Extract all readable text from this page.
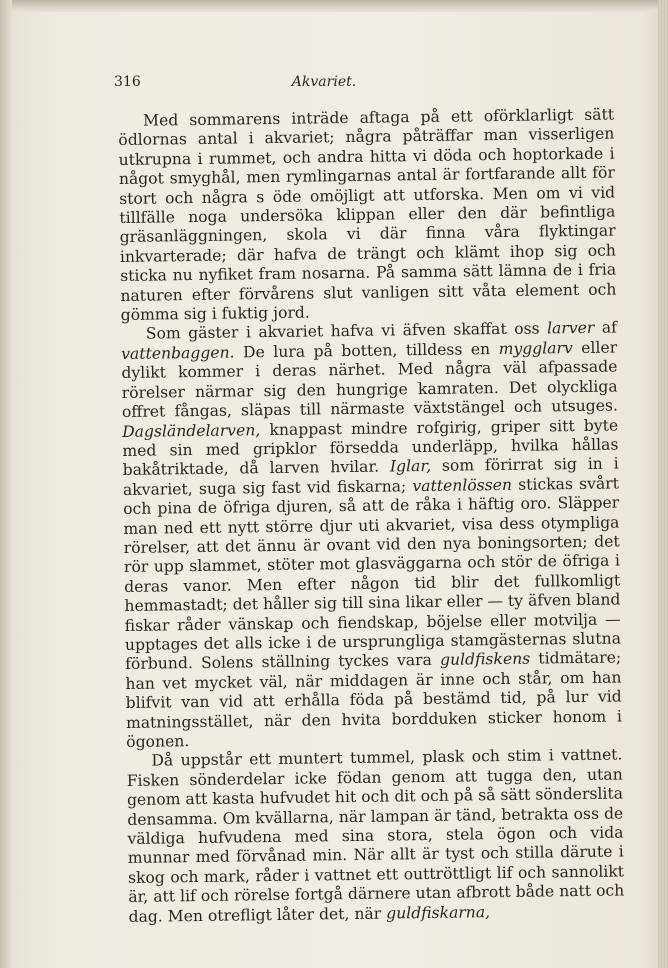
316	Akvariet.

Med sommarens inträde aftaga på ett oförklarligt sätt ödlornas antal i akvariet; några påträffar man visserligen utkrupna i rummet, och andra hitta vi döda och hoptorkade i något smyghål, men rymlingarnas antal är fortfarande allt för stort och några s öde omöjligt att utforska. Men om vi vid tillfälle noga undersöka klippan eller den där befintliga gräsanläggningen, skola vi där finna våra flyktingar inkvarterade; där hafva de trängt och klämt ihop sig och sticka nu nyfiket fram nosarna. På samma sätt lämna de i fria naturen efter förvårens slut vanligen sitt våta element och gömma sig i fuktig jord.

Som gäster i akvariet hafva vi äfven skaffat oss larver af vattenbaggen. De lura på botten, tilldess en mygglarv eller dylikt kommer i deras närhet. Med några väl afpassade rörelser närmar sig den hungrige kamraten. Det olyckliga offret fångas, släpas till närmaste växtstängel och utsuges. Dagsländelarven, knappast mindre rofgirig, griper sitt byte med sin med gripklor försedda underläpp, hvilka hållas bakåtriktade, då larven hvilar. Iglar, som förirrat sig in i akvariet, suga sig fast vid fiskarna; vattenlössen stickas svårt och pina de öfriga djuren, så att de råka i häftig oro. Släpper man ned ett nytt större djur uti akvariet, visa dess otympliga rörelser, att det ännu är ovant vid den nya boningsorten; det rör upp slammet, stöter mot glasväggarna och stör de öfriga i deras vanor. Men efter någon tid blir det fullkomligt hemmastadt; det håller sig till sina likar eller — ty äfven bland fiskar råder vänskap och fiendskap, böjelse eller motvilja — upptages det alls icke i de ursprungliga stamgästernas slutna förbund. Solens ställning tyckes vara guldfiskens tidmätare; han vet mycket väl, när middagen är inne och står, om han blifvit van vid att erhålla föda på bestämd tid, på lur vid matningsstället, när den hvita bordduken sticker honom i ögonen.

Då uppstår ett muntert tummel, plask och stim i vattnet. Fisken sönderdelar icke födan genom att tugga den, utan genom att kasta hufvudet hit och dit och på så sätt sönderslita densamma. Om kvällarna, när lampan är tänd, betrakta oss de väldiga hufvudena med sina stora, stela ögon och vida munnar med förvånad min. När allt är tyst och stilla därute i skog och mark, råder i vattnet ett outtröttligt lif och sannolikt är, att lif och rörelse fortgå därnere utan afbrott både natt och dag. Men otrefligt låter det, när guldfiskarna,
